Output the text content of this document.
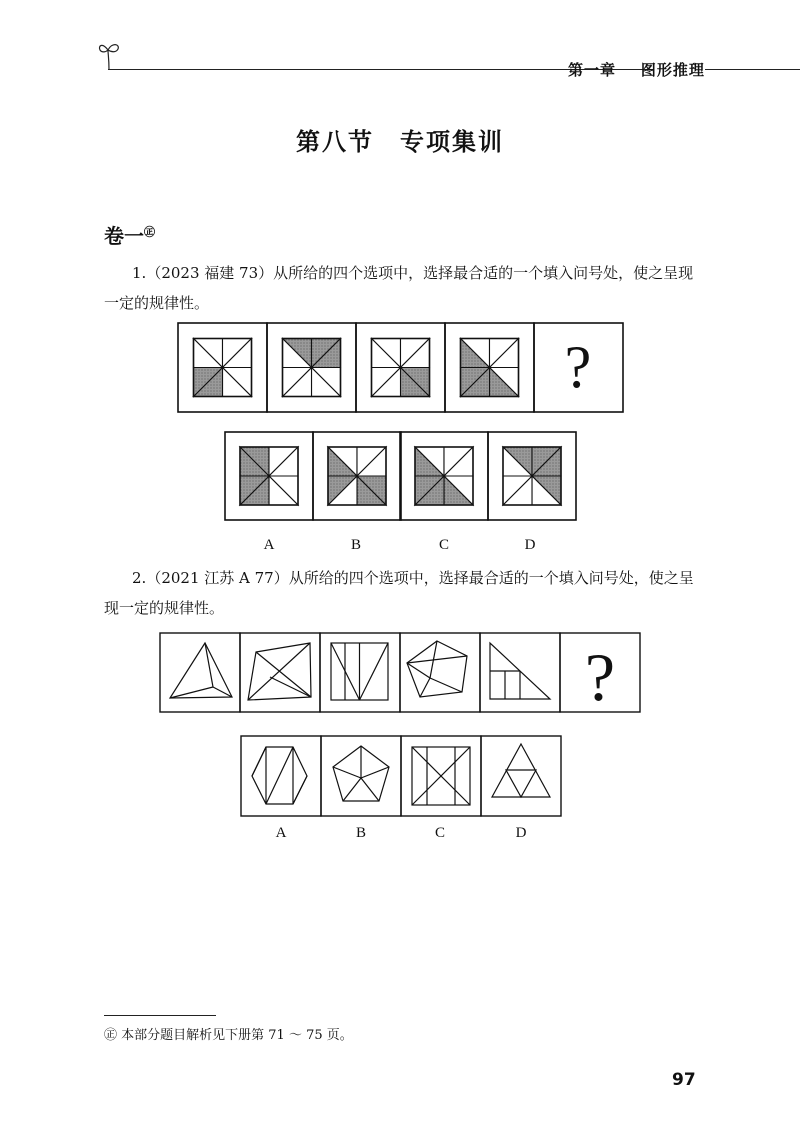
第一章 图形推理
第八节　专项集训
卷一㊣
1.（2023 福建 73）从所给的四个选项中，选择最合适的一个填入问号处，使之呈现一定的规律性。
?
A	B	C	D
2.（2021 江苏 A 77）从所给的四个选项中，选择最合适的一个填入问号处，使之呈现一定的规律性。
?
A	B	C	D
㊣ 本部分题目解析见下册第 71 ～ 75 页。
97
